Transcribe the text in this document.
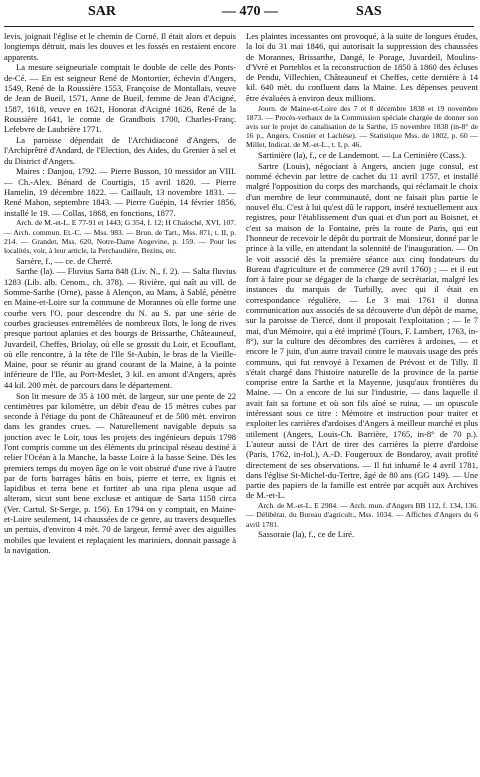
SAR	— 470 —	SAS

levis, joignait l'église et le chemin de Corné. Il était alors et depuis longtemps détruit, mais les douves et les fossés en restaient encore apparents.

La mesure seigneuriale comptait le double de celle des Ponts-de-Cé. — En est seigneur René de Montortier, échevin d'Angers, 1549, René de la Roussière 1553, Françoise de Montallais, veuve de Jean de Bueil, 1571, Anne de Bueil, femme de Jean d'Acigné, 1587, 1618, veuve en 1621, Honorat d'Acigné 1626, René de la Roussière 1641, le comte de Grandbois 1700, Charles-Franç. Lefebvre de Laubrière 1771.

La paroisse dépendait de l'Archidiaconé d'Angers, de l'Archiprêtré d'Andard, de l'Election, des Aides, du Grenier à sel et du District d'Angers.

Maires : Danjou, 1792. — Pierre Busson, 10 messidor an VIII. — Ch.-Alex. Bénard de Courtigis, 15 avril 1820. — Pierre Hamelin, 19 décembre 1822. — Caillault, 13 novembre 1831. — René Mahon, septembre 1843. — Pierre Guépin, 14 février 1856, installé le 19. — Collas, 1868, en fonctions, 1877.

Arch. de M.-et-L. E 77-91 et 1443; G 354, f. 12; H Chaloché, XVI, 107. — Arch. commun. Et.-C. — Mss. 983. — Brun. de Tart., Mss. 871, t. II, p. 214. — Grandet, Mss. 620, Notre-Dame Angevine, p. 159. — Pour les localités, voir, à leur article, la Perchaudière, Bezins, etc.

Sarsère, f., — ce. de Cherré.

Sarthe (la). — Fluvius Sarta 848 (Liv. N., f. 2). — Salta fluvius 1283 (Lib. alb. Cenom., ch. 378). — Rivière, qui naît au vill. de Somme-Sarthe (Orne), passe à Alençon, au Mans, à Sablé, pénètre en Maine-et-Loire sur la commune de Morannes où elle forme une courbe vers l'O. pour descendre du N. au S. par une série de courbes gracieuses entremêlées de nombreux îlots, le long de rives presque partout aplanies et des bourgs de Brissarthe, Châteauneuf, Juvardeil, Cheffes, Briolay, où elle se grossit du Loir, et Ecouflant, où elle rencontre, à la tête de l'Ile St-Aubin, le bras de la Vieille-Maine, pour se réunir au grand courant de la Maine, à la pointe inférieure de l'Ile, au Port-Meslet, 3 kil. en amont d'Angers, après 44 kil. 200 mèt. de parcours dans le département.

Son lit mesure de 35 à 100 mèt. de largeur, sur une pente de 22 centimètres par kilomètre, un débit d'eau de 15 mètres cubes par seconde à l'étiage du pont de Châteauneuf et de 500 mèt. environ dans les grandes crues. — Naturellement navigable depuis sa jonction avec le Loir, tous les projets des ingénieurs depuis 1798 l'ont compris comme un des éléments du principal réseau destiné à relier l'Océan à la Manche, la basse Loire à la basse Seine. Dès les premiers temps du moyen âge on le voit obstrué d'une rive à l'autre par de forts barrages bâtis en bois, pierre et terre, ex lignis et lapidibus et terra bene et fortiter ab una ripa plena usque ad alteram, sicut sunt bene exclusæ et antiquæ de Sarta 1158 circa (Ver. Cartul. St-Serge, p. 156). En 1794 on y comptait, en Maine-et-Loire seulement, 14 chaussées de ce genre, au travers desquelles un pertuis, d'environ 4 mèt. 70 de largeur, fermé avec des aiguilles mobiles que levaient et replaçaient les mariniers, donnait passage à la navigation.

Les plaintes incessantes ont provoqué, à la suite de longues études, la loi du 31 mai 1846, qui autorisait la suppression des chaussées de Morannes, Brissarthe, Dangé, le Porage, Juvardeil, Moulins-d'Yvré et Porteblos et la reconstruction de 1850 à 1860 des écluses de Pendu, Villechien, Châteauneuf et Cheffes, cette dernière à 14 kil. 640 mèt. du confluent dans la Maine. Les dépenses peuvent être évaluées à environ deux millions.

Journ. de Maine-et-Loire des 7 et 8 décembre 1838 et 19 novembre 1873. — Procès-verbaux de la Commission spéciale chargée de donner son avis sur le projet de canalisation de la Sarthe, 15 novembre 1838 (in-8° de 16 p., Angers, Cosnier et Lachèse). — Statistique Mss. de 1802, p. 60 — Millet, Indicat. de M.-et-L., t. I, p. 46.

Sartinière (la), f., ce de Landemont. — La Certinière (Cass.).

Sartre (Louis), négociant à Angers, ancien juge consul, est nommé échevin par lettre de cachet du 11 avril 1757, et installé malgré l'opposition du corps des marchands, qui réclamait le choix d'un membre de leur communauté, dont ne faisait plus partie le nouvel élu. C'est à lui qu'est dû le rapport, inséré textuellement aux registres, pour l'établissement d'un quai et d'un port au Boisnet, et c'est sa maison de la Fontaine, près la route de Paris, qui eut l'honneur de recevoir le dépôt du portrait de Monsieur, donné par le prince à la ville, en attendant la solennité de l'inauguration. — On le voit associé dès la première séance aux cinq fondateurs du Bureau d'agriculture et de commerce (29 avril 1760) ; — et il eut fort à faire pour se dégager de la charge de secrétariat, malgré les instances du marquis de Turbilly, avec qui il était en correspondance régulière. — Le 3 mai 1761 il donna communication aux associés de sa découverte d'un dépôt de marne, sur la paroisse de Tiercé, dont il proposait l'exploitation ; — le 7 mai, d'un Mémoire, qui a été imprimé (Tours, F. Lambert, 1763, in-8°), sur la culture des décombres des carrières à ardoises, — et encore le 7 juin, d'un autre travail contre le mauvais usage des prés communs, qui fut renvoyé à l'examen de Prévost et de Tilly. Il s'était chargé dans l'histoire naturelle de la province de la partie comprise entre la Sarthe et la Mayenne, jusqu'aux frontières du Maine. — On a encore de lui sur l'industrie, — dans laquelle il avait fait sa fortune et où son fils aîné se ruina, — un opuscule intéressant sous ce titre : Mémoire et instruction pour traiter et exploiter les carrières d'ardoises d'Angers à meilleur marché et plus utilement (Angers, Louis-Ch. Barrière, 1765, in-8° de 70 p.). L'auteur aussi de l'Art de tirer des carrières la pierre d'ardoise (Paris, 1762, in-fol.), A.-D. Fougeroux de Bondaroy, avait profité directement de ses observations. — Il fut inhumé le 4 avril 1781, dans l'église St-Michel-du-Tertre, âgé de 80 ans (GG 149). — Une partie des papiers de la famille est entrée par acquêt aux Archives de M.-et-L.

Arch. de M.-et-L. E 2984. — Arch. mun. d'Angers BB 112, f. 134, 136. — Délibérat. du Bureau d'agricult., Mss. 1034. — Affiches d'Angers du 6 avril 1781.

Sassoraie (la), f., ce de Liré.
